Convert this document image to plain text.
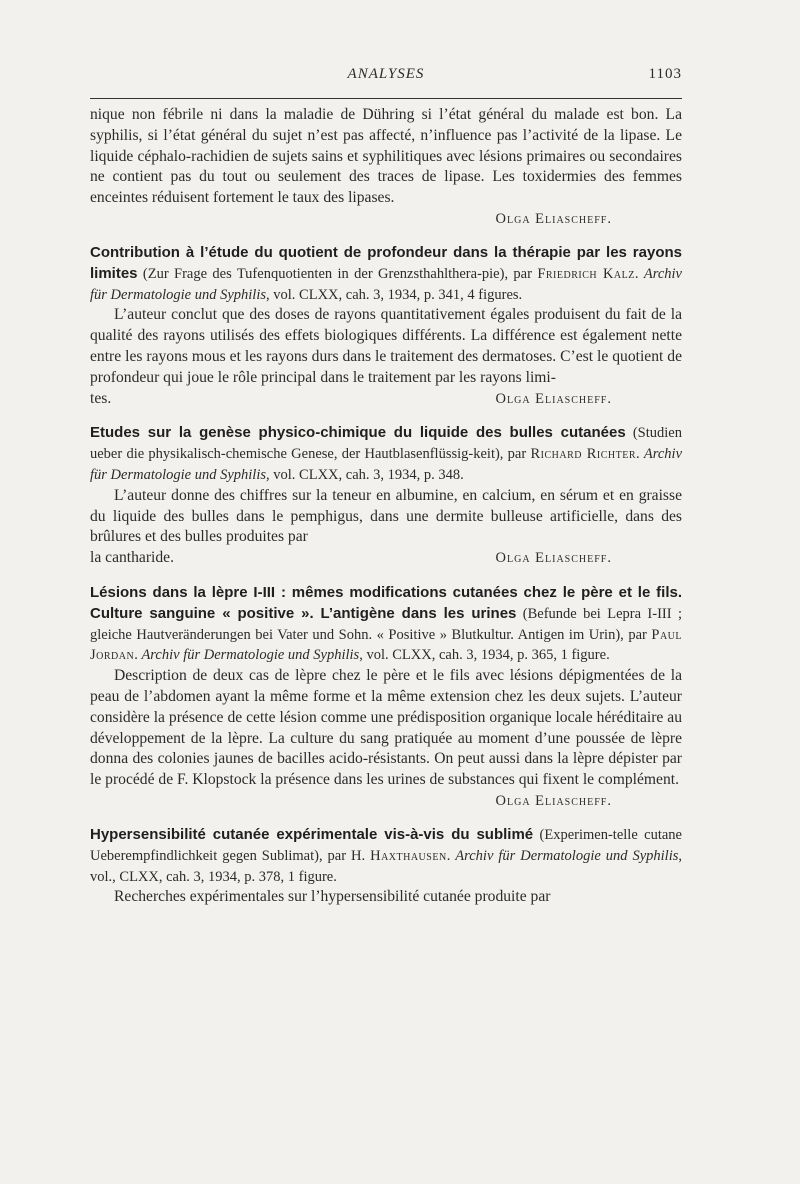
ANALYSES	1103

nique non fébrile ni dans la maladie de Dühring si l’état général du malade est bon. La syphilis, si l’état général du sujet n’est pas affecté, n’influence pas l’activité de la lipase. Le liquide céphalo-rachidien de sujets sains et syphilitiques avec lésions primaires ou secondaires ne contient pas du tout ou seulement des traces de lipase. Les toxidermies des femmes enceintes réduisent fortement le taux des lipases.

Olga Eliascheff.

Contribution à l’étude du quotient de profondeur dans la thérapie par les rayons limites (Zur Frage des Tufenquotienten in der Grenzsthahlthera-pie), par Friedrich Kalz. Archiv für Dermatologie und Syphilis, vol. CLXX, cah. 3, 1934, p. 341, 4 figures.

L’auteur conclut que des doses de rayons quantitativement égales produisent du fait de la qualité des rayons utilisés des effets biologiques différents. La différence est également nette entre les rayons mous et les rayons durs dans le traitement des dermatoses. C’est le quotient de profondeur qui joue le rôle principal dans le traitement par les rayons limi-

tes.	Olga Eliascheff.

Etudes sur la genèse physico-chimique du liquide des bulles cutanées (Studien ueber die physikalisch-chemische Genese, der Hautblasenflüssig-keit), par Richard Richter. Archiv für Dermatologie und Syphilis, vol. CLXX, cah. 3, 1934, p. 348.

L’auteur donne des chiffres sur la teneur en albumine, en calcium, en sérum et en graisse du liquide des bulles dans le pemphigus, dans une dermite bulleuse artificielle, dans des brûlures et des bulles produites par

la cantharide.	Olga Eliascheff.

Lésions dans la lèpre I-III : mêmes modifications cutanées chez le père et le fils. Culture sanguine « positive ». L’antigène dans les urines (Befunde bei Lepra I-III ; gleiche Hautveränderungen bei Vater und Sohn. « Positive » Blutkultur. Antigen im Urin), par Paul Jordan. Archiv für Dermatologie und Syphilis, vol. CLXX, cah. 3, 1934, p. 365, 1 figure.

Description de deux cas de lèpre chez le père et le fils avec lésions dépigmentées de la peau de l’abdomen ayant la même forme et la même extension chez les deux sujets. L’auteur considère la présence de cette lésion comme une prédisposition organique locale héréditaire au développement de la lèpre. La culture du sang pratiquée au moment d’une poussée de lèpre donna des colonies jaunes de bacilles acido-résistants. On peut aussi dans la lèpre dépister par le procédé de F. Klopstock la présence dans les urines de substances qui fixent le complément.

Olga Eliascheff.

Hypersensibilité cutanée expérimentale vis-à-vis du sublimé (Experimen-telle cutane Ueberempfindlichkeit gegen Sublimat), par H. Haxthausen. Archiv für Dermatologie und Syphilis, vol., CLXX, cah. 3, 1934, p. 378, 1 figure.

Recherches expérimentales sur l’hypersensibilité cutanée produite par
